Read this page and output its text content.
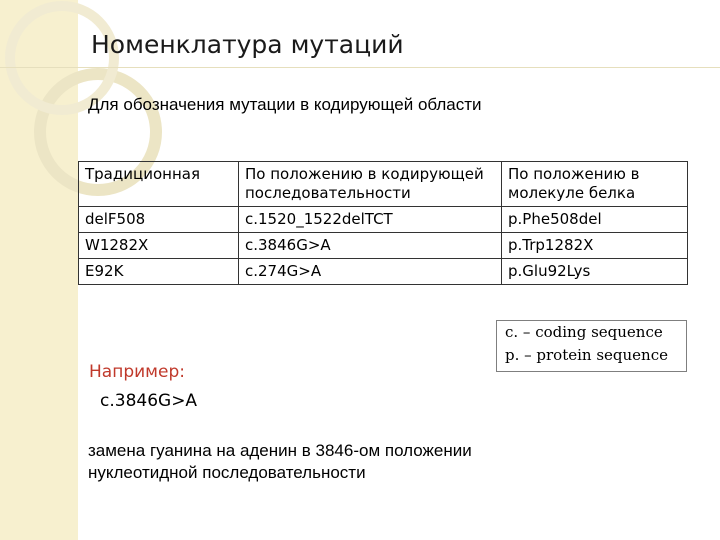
Номенклатура мутаций
Для обозначения мутации в кодирующей области
Традиционная	По положению в кодирующей последовательности	По положению в молекуле белка
delF508	c.1520_1522delTCT	p.Phe508del
W1282X	c.3846G>A	p.Trp1282X
E92K	c.274G>A	p.Glu92Lys
c. – coding sequence
p. – protein sequence
Например:
c.3846G>A
замена гуанина на аденин в 3846-ом положении нуклеотидной последовательности
